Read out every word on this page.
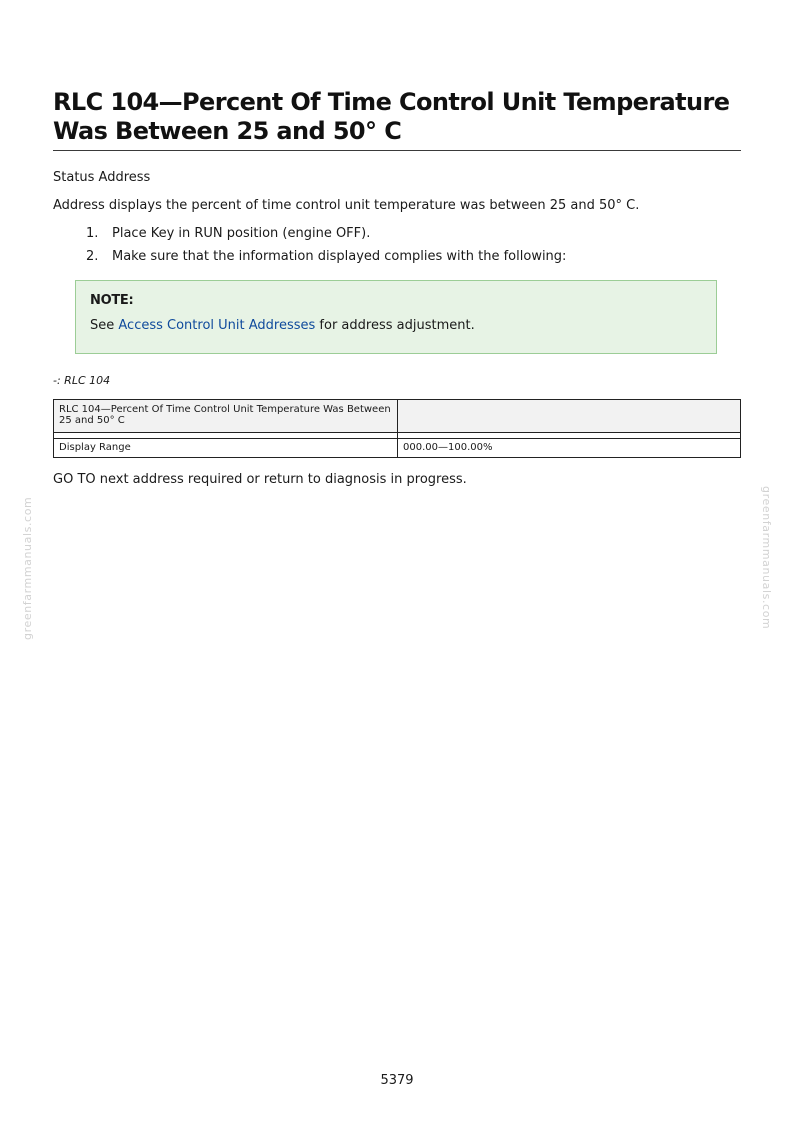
RLC 104—Percent Of Time Control Unit Temperature Was Between 25 and 50° C

Status Address

Address displays the percent of time control unit temperature was between 25 and 50° C.

1. Place Key in RUN position (engine OFF).
2. Make sure that the information displayed complies with the following:
NOTE:
See Access Control Unit Addresses for address adjustment.
-: RLC 104
RLC 104—Percent Of Time Control Unit Temperature Was Between 25 and 50° C	

Display Range	000.00—100.00%

GO TO next address required or return to diagnosis in progress.

greenfarmmanuals.com	greenfarmmanuals.com
5379
